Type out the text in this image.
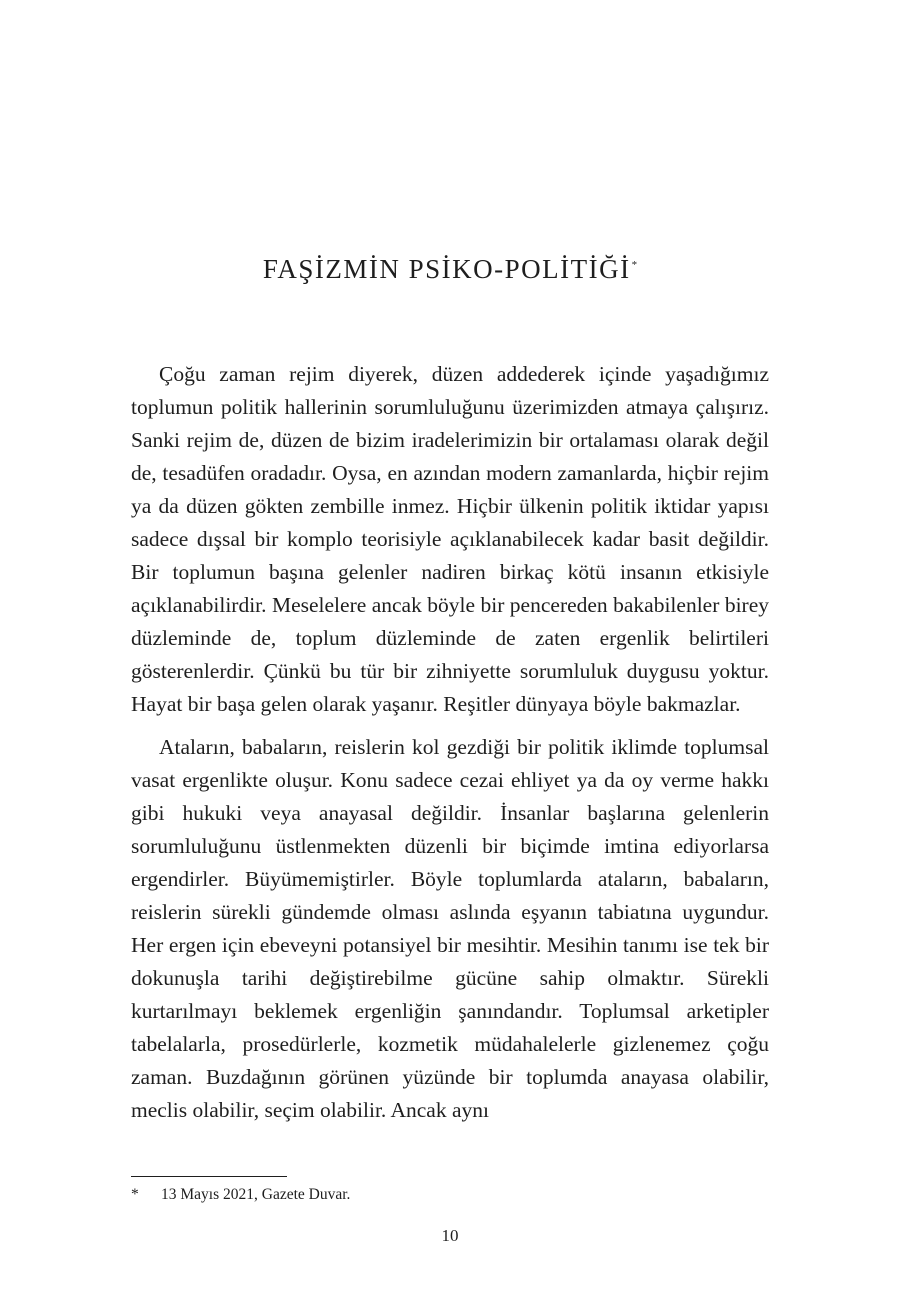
FAŞİZMİN PSİKO-POLİTİĞİ*

Çoğu zaman rejim diyerek, düzen addederek içinde yaşadığımız toplumun politik hallerinin sorumluluğunu üzerimizden atmaya çalışırız. Sanki rejim de, düzen de bizim iradelerimizin bir ortalaması olarak değil de, tesadüfen oradadır. Oysa, en azından modern zamanlarda, hiçbir rejim ya da düzen gökten zembille inmez. Hiçbir ülkenin politik iktidar yapısı sadece dışsal bir komplo teorisiyle açıklanabilecek kadar basit değildir. Bir toplumun başına gelenler nadiren birkaç kötü insanın etkisiyle açıklanabilirdir. Meselelere ancak böyle bir pencereden bakabilenler birey düzleminde de, toplum düzleminde de zaten ergenlik belirtileri gösterenlerdir. Çünkü bu tür bir zihniyette sorumluluk duygusu yoktur. Hayat bir başa gelen olarak yaşanır. Reşitler dünyaya böyle bakmazlar.

Ataların, babaların, reislerin kol gezdiği bir politik iklimde toplumsal vasat ergenlikte oluşur. Konu sadece cezai ehliyet ya da oy verme hakkı gibi hukuki veya anayasal değildir. İnsanlar başlarına gelenlerin sorumluluğunu üstlenmekten düzenli bir biçimde imtina ediyorlarsa ergendirler. Büyümemiştirler. Böyle toplumlarda ataların, babaların, reislerin sürekli gündemde olması aslında eşyanın tabiatına uygundur. Her ergen için ebeveyni potansiyel bir mesihtir. Mesihin tanımı ise tek bir dokunuşla tarihi değiştirebilme gücüne sahip olmaktır. Sürekli kurtarılmayı beklemek ergenliğin şanındandır. Toplumsal arketipler tabelalarla, prosedürlerle, kozmetik müdahalelerle gizlenemez çoğu zaman. Buzdağının görünen yüzünde bir toplumda anayasa olabilir, meclis olabilir, seçim olabilir. Ancak aynı

* 13 Mayıs 2021, Gazete Duvar.
10
